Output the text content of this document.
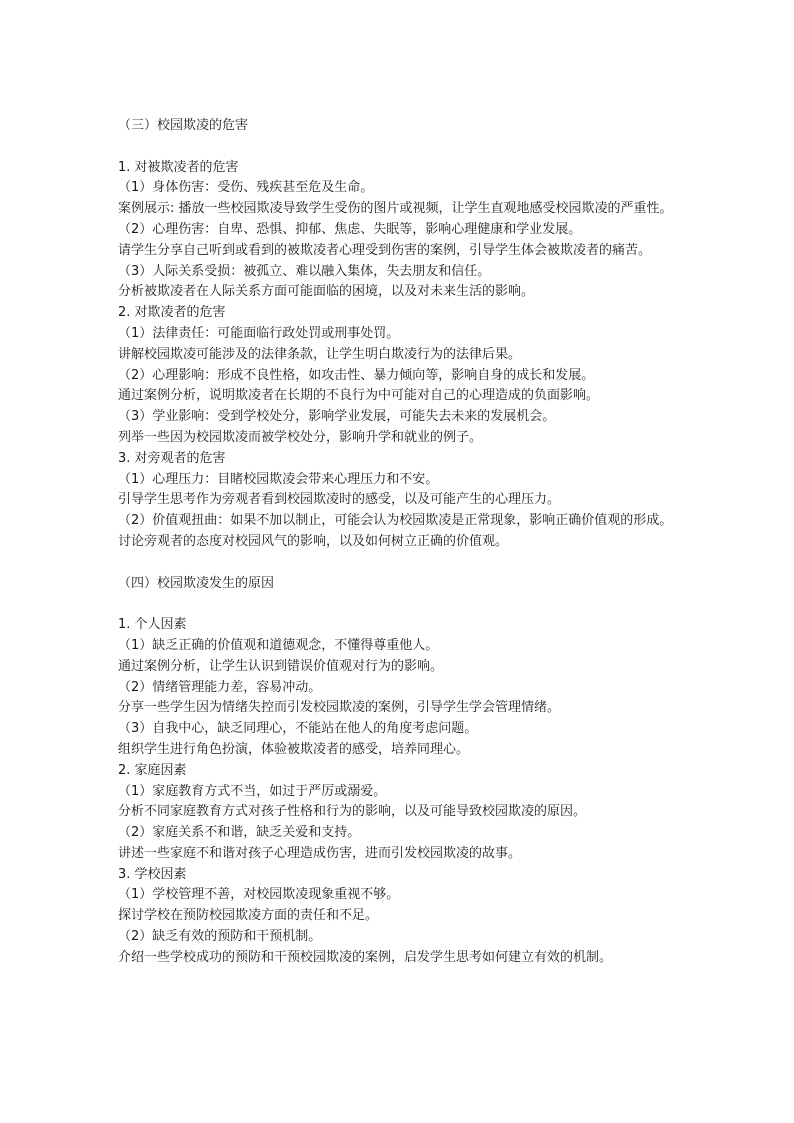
（三）校园欺凌的危害

1. 对被欺凌者的危害

（1）身体伤害：受伤、残疾甚至危及生命。

案例展示: 播放一些校园欺凌导致学生受伤的图片或视频，让学生直观地感受校园欺凌的严重性。

（2）心理伤害：自卑、恐惧、抑郁、焦虑、失眠等，影响心理健康和学业发展。

请学生分享自己听到或看到的被欺凌者心理受到伤害的案例，引导学生体会被欺凌者的痛苦。

（3）人际关系受损：被孤立、难以融入集体，失去朋友和信任。

分析被欺凌者在人际关系方面可能面临的困境，以及对未来生活的影响。

2. 对欺凌者的危害

（1）法律责任：可能面临行政处罚或刑事处罚。

讲解校园欺凌可能涉及的法律条款，让学生明白欺凌行为的法律后果。

（2）心理影响：形成不良性格，如攻击性、暴力倾向等，影响自身的成长和发展。

通过案例分析，说明欺凌者在长期的不良行为中可能对自己的心理造成的负面影响。

（3）学业影响：受到学校处分，影响学业发展，可能失去未来的发展机会。

列举一些因为校园欺凌而被学校处分，影响升学和就业的例子。

3. 对旁观者的危害

（1）心理压力：目睹校园欺凌会带来心理压力和不安。

引导学生思考作为旁观者看到校园欺凌时的感受，以及可能产生的心理压力。

（2）价值观扭曲：如果不加以制止，可能会认为校园欺凌是正常现象，影响正确价值观的形成。

讨论旁观者的态度对校园风气的影响，以及如何树立正确的价值观。

（四）校园欺凌发生的原因

1. 个人因素

（1）缺乏正确的价值观和道德观念，不懂得尊重他人。

通过案例分析，让学生认识到错误价值观对行为的影响。

（2）情绪管理能力差，容易冲动。

分享一些学生因为情绪失控而引发校园欺凌的案例，引导学生学会管理情绪。

（3）自我中心，缺乏同理心，不能站在他人的角度考虑问题。

组织学生进行角色扮演，体验被欺凌者的感受，培养同理心。

2. 家庭因素

（1）家庭教育方式不当，如过于严厉或溺爱。

分析不同家庭教育方式对孩子性格和行为的影响，以及可能导致校园欺凌的原因。

（2）家庭关系不和谐，缺乏关爱和支持。

讲述一些家庭不和谐对孩子心理造成伤害，进而引发校园欺凌的故事。

3. 学校因素

（1）学校管理不善，对校园欺凌现象重视不够。

探讨学校在预防校园欺凌方面的责任和不足。

（2）缺乏有效的预防和干预机制。

介绍一些学校成功的预防和干预校园欺凌的案例，启发学生思考如何建立有效的机制。
